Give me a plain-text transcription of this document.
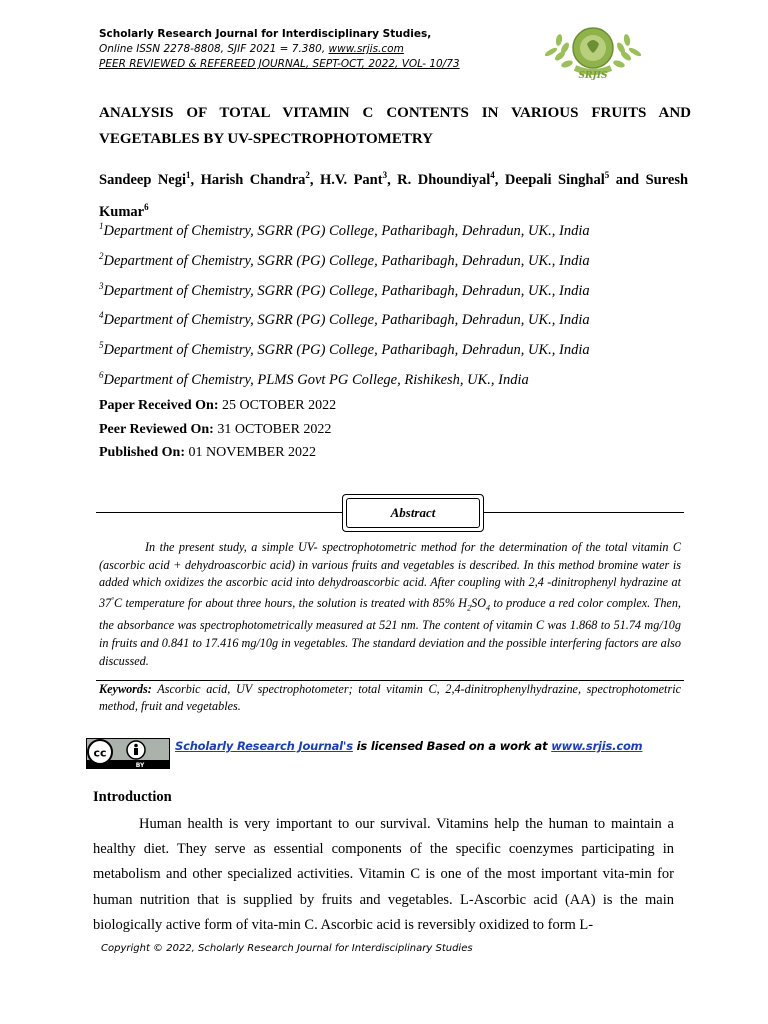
Scholarly Research Journal for Interdisciplinary Studies,
Online ISSN 2278-8808, SJIF 2021 = 7.380, www.srjis.com
PEER REVIEWED & REFEREED JOURNAL, SEPT-OCT, 2022, VOL- 10/73
SRJIS
ANALYSIS OF TOTAL VITAMIN C CONTENTS IN VARIOUS FRUITS AND
VEGETABLES BY UV-SPECTROPHOTOMETRY
Sandeep Negi$^1$, Harish Chandra$^2$, H.V. Pant$^3$, R. Dhoundiyal$^4$, Deepali Singhal$^5$ and Suresh Kumar$^6$
$^1$Department of Chemistry, SGRR (PG) College, Patharibagh, Dehradun, UK., India
$^2$Department of Chemistry, SGRR (PG) College, Patharibagh, Dehradun, UK., India
$^3$Department of Chemistry, SGRR (PG) College, Patharibagh, Dehradun, UK., India
$^4$Department of Chemistry, SGRR (PG) College, Patharibagh, Dehradun, UK., India
$^5$Department of Chemistry, SGRR (PG) College, Patharibagh, Dehradun, UK., India
$^6$Department of Chemistry, PLMS Govt PG College, Rishikesh, UK., India
Paper Received On: 25 OCTOBER 2022
Peer Reviewed On: 31 OCTOBER 2022
Published On: 01 NOVEMBER 2022
Abstract
In the present study, a simple UV- spectrophotometric method for the determination of the total vitamin C (ascorbic acid + dehydroascorbic acid) in various fruits and vegetables is described. In this method bromine water is added which oxidizes the ascorbic acid into dehydroascorbic acid. After coupling with 2,4 -dinitrophenyl hydrazine at 37°C temperature for about three hours, the solution is treated with 85% $H_2SO_4$ to produce a red color complex. Then, the absorbance was spectrophotometrically measured at 521 nm. The content of vitamin C was 1.868 to 51.74 mg/10g in fruits and 0.841 to 17.416 mg/10g in vegetables. The standard deviation and the possible interfering factors are also discussed.
Keywords: Ascorbic acid, UV spectrophotometer; total vitamin C, 2,4-dinitrophenylhydrazine, spectrophotometric method, fruit and vegetables.
cc
BY
Scholarly Research Journal's is licensed Based on a work at www.srjis.com
Introduction
Human health is very important to our survival. Vitamins help the human to maintain a healthy diet. They serve as essential components of the specific coenzymes participating in metabolism and other specialized activities. Vitamin C is one of the most important vita-min for human nutrition that is supplied by fruits and vegetables. L-Ascorbic acid (AA) is the main biologically active form of vita-min C. Ascorbic acid is reversibly oxidized to form L-
Copyright © 2022, Scholarly Research Journal for Interdisciplinary Studies
